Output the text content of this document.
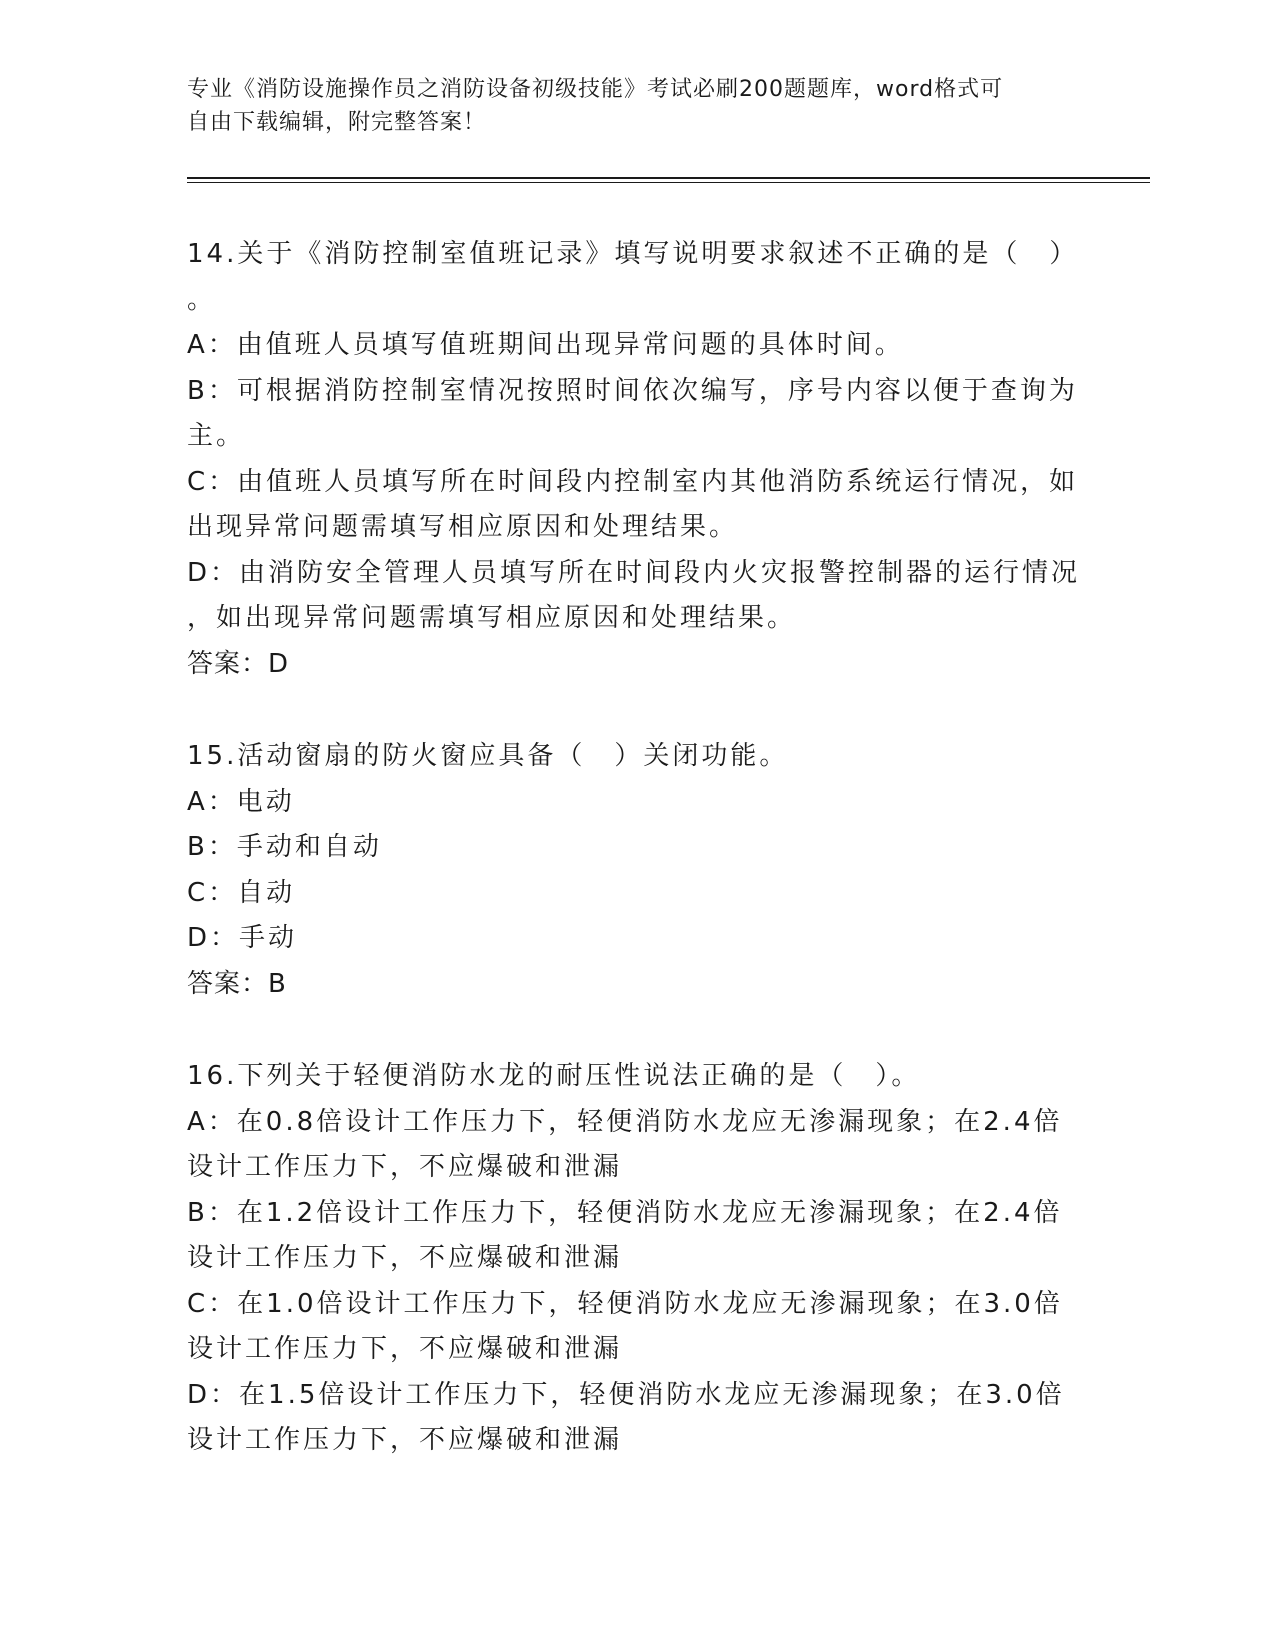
专业《消防设施操作员之消防设备初级技能》考试必刷200题题库，word格式可
自由下载编辑，附完整答案！
14.关于《消防控制室值班记录》填写说明要求叙述不正确的是（　）
。
A：由值班人员填写值班期间出现异常问题的具体时间。
B：可根据消防控制室情况按照时间依次编写，序号内容以便于查询为
主。
C：由值班人员填写所在时间段内控制室内其他消防系统运行情况，如
出现异常问题需填写相应原因和处理结果。
D：由消防安全管理人员填写所在时间段内火灾报警控制器的运行情况
，如出现异常问题需填写相应原因和处理结果。
答案：D
15.活动窗扇的防火窗应具备（　）关闭功能。
A：电动
B：手动和自动
C：自动
D：手动
答案：B
16.下列关于轻便消防水龙的耐压性说法正确的是（　）。
A：在0.8倍设计工作压力下，轻便消防水龙应无渗漏现象；在2.4倍
设计工作压力下，不应爆破和泄漏
B：在1.2倍设计工作压力下，轻便消防水龙应无渗漏现象；在2.4倍
设计工作压力下，不应爆破和泄漏
C：在1.0倍设计工作压力下，轻便消防水龙应无渗漏现象；在3.0倍
设计工作压力下，不应爆破和泄漏
D：在1.5倍设计工作压力下，轻便消防水龙应无渗漏现象；在3.0倍
设计工作压力下，不应爆破和泄漏
